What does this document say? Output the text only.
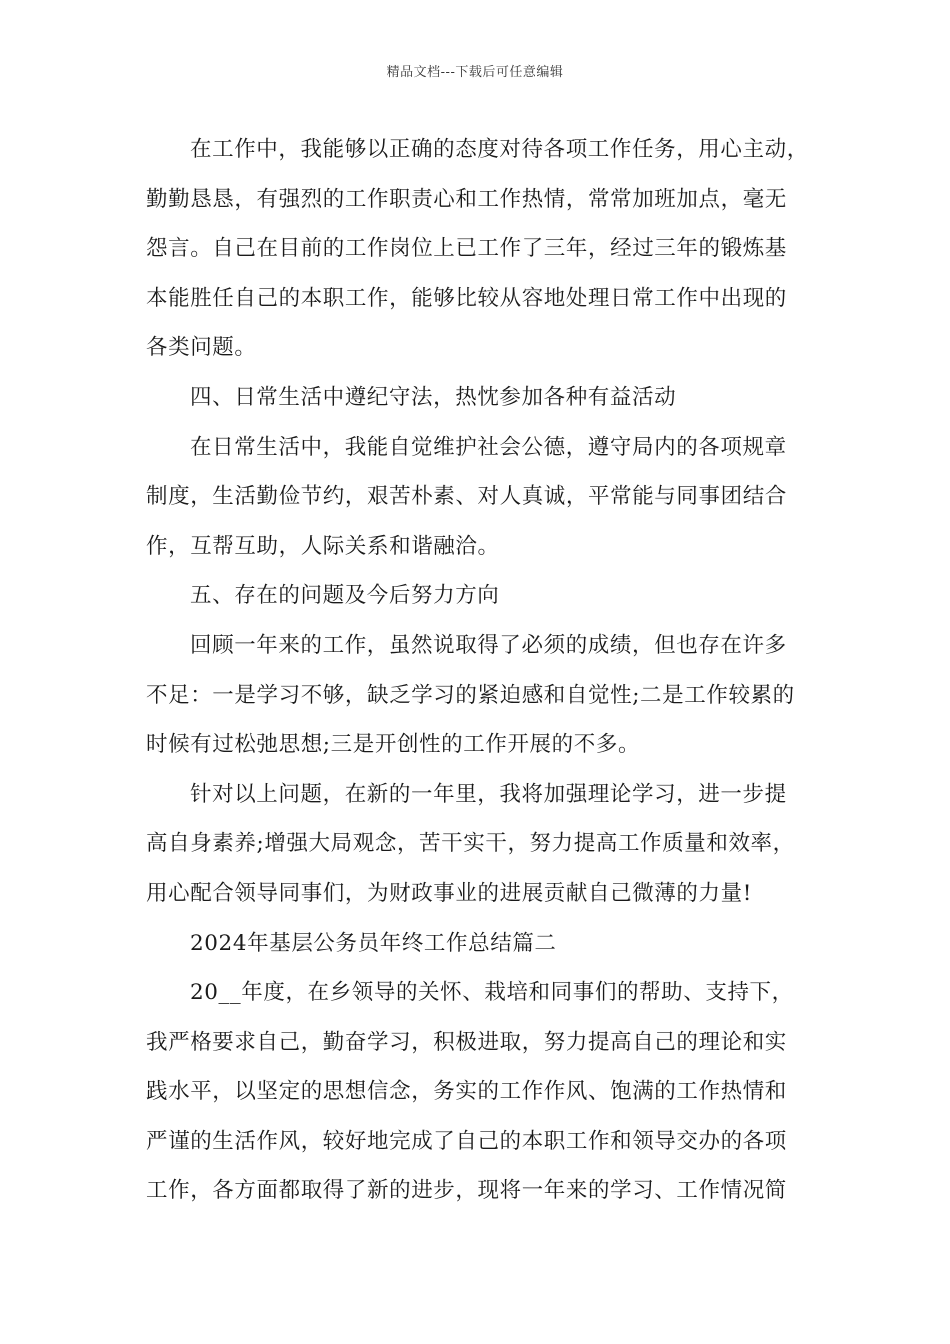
精品文档---下载后可任意编辑
在工作中，我能够以正确的态度对待各项工作任务，用心主动，
勤勤恳恳，有强烈的工作职责心和工作热情，常常加班加点，毫无
怨言。自己在目前的工作岗位上已工作了三年，经过三年的锻炼基
本能胜任自己的本职工作，能够比较从容地处理日常工作中出现的
各类问题。
四、日常生活中遵纪守法，热忱参加各种有益活动
在日常生活中，我能自觉维护社会公德，遵守局内的各项规章
制度，生活勤俭节约，艰苦朴素、对人真诚，平常能与同事团结合
作，互帮互助，人际关系和谐融洽。
五、存在的问题及今后努力方向
回顾一年来的工作，虽然说取得了必须的成绩，但也存在许多
不足：一是学习不够，缺乏学习的紧迫感和自觉性;二是工作较累的
时候有过松弛思想;三是开创性的工作开展的不多。
针对以上问题，在新的一年里，我将加强理论学习，进一步提
高自身素养;增强大局观念，苦干实干，努力提高工作质量和效率，
用心配合领导同事们，为财政事业的进展贡献自己微薄的力量!
2024年基层公务员年终工作总结篇二
20__年度，在乡领导的关怀、栽培和同事们的帮助、支持下，
我严格要求自己，勤奋学习，积极进取，努力提高自己的理论和实
践水平，以坚定的思想信念，务实的工作作风、饱满的工作热情和
严谨的生活作风，较好地完成了自己的本职工作和领导交办的各项
工作，各方面都取得了新的进步，现将一年来的学习、工作情况简
